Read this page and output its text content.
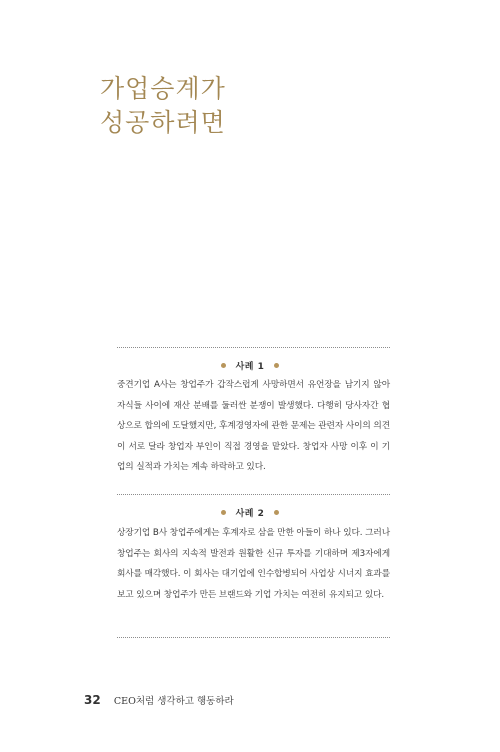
가업승계가
성공하려면
사례 1

중견기업 A사는 창업주가 갑작스럽게 사망하면서 유언장을 남기지 않아 자식들 사이에 재산 분배를 둘러싼 분쟁이 발생했다. 다행히 당사자간 협상으로 합의에 도달했지만, 후계경영자에 관한 문제는 관련자 사이의 의견이 서로 달라 창업자 부인이 직접 경영을 맡았다. 창업자 사망 이후 이 기업의 실적과 가치는 계속 하락하고 있다.

사례 2

상장기업 B사 창업주에게는 후계자로 삼을 만한 아들이 하나 있다. 그러나 창업주는 회사의 지속적 발전과 원활한 신규 투자를 기대하며 제3자에게 회사를 매각했다. 이 회사는 대기업에 인수합병되어 사업상 시너지 효과를 보고 있으며 창업주가 만든 브랜드와 기업 가치는 여전히 유지되고 있다.

32 CEO처럼 생각하고 행동하라
